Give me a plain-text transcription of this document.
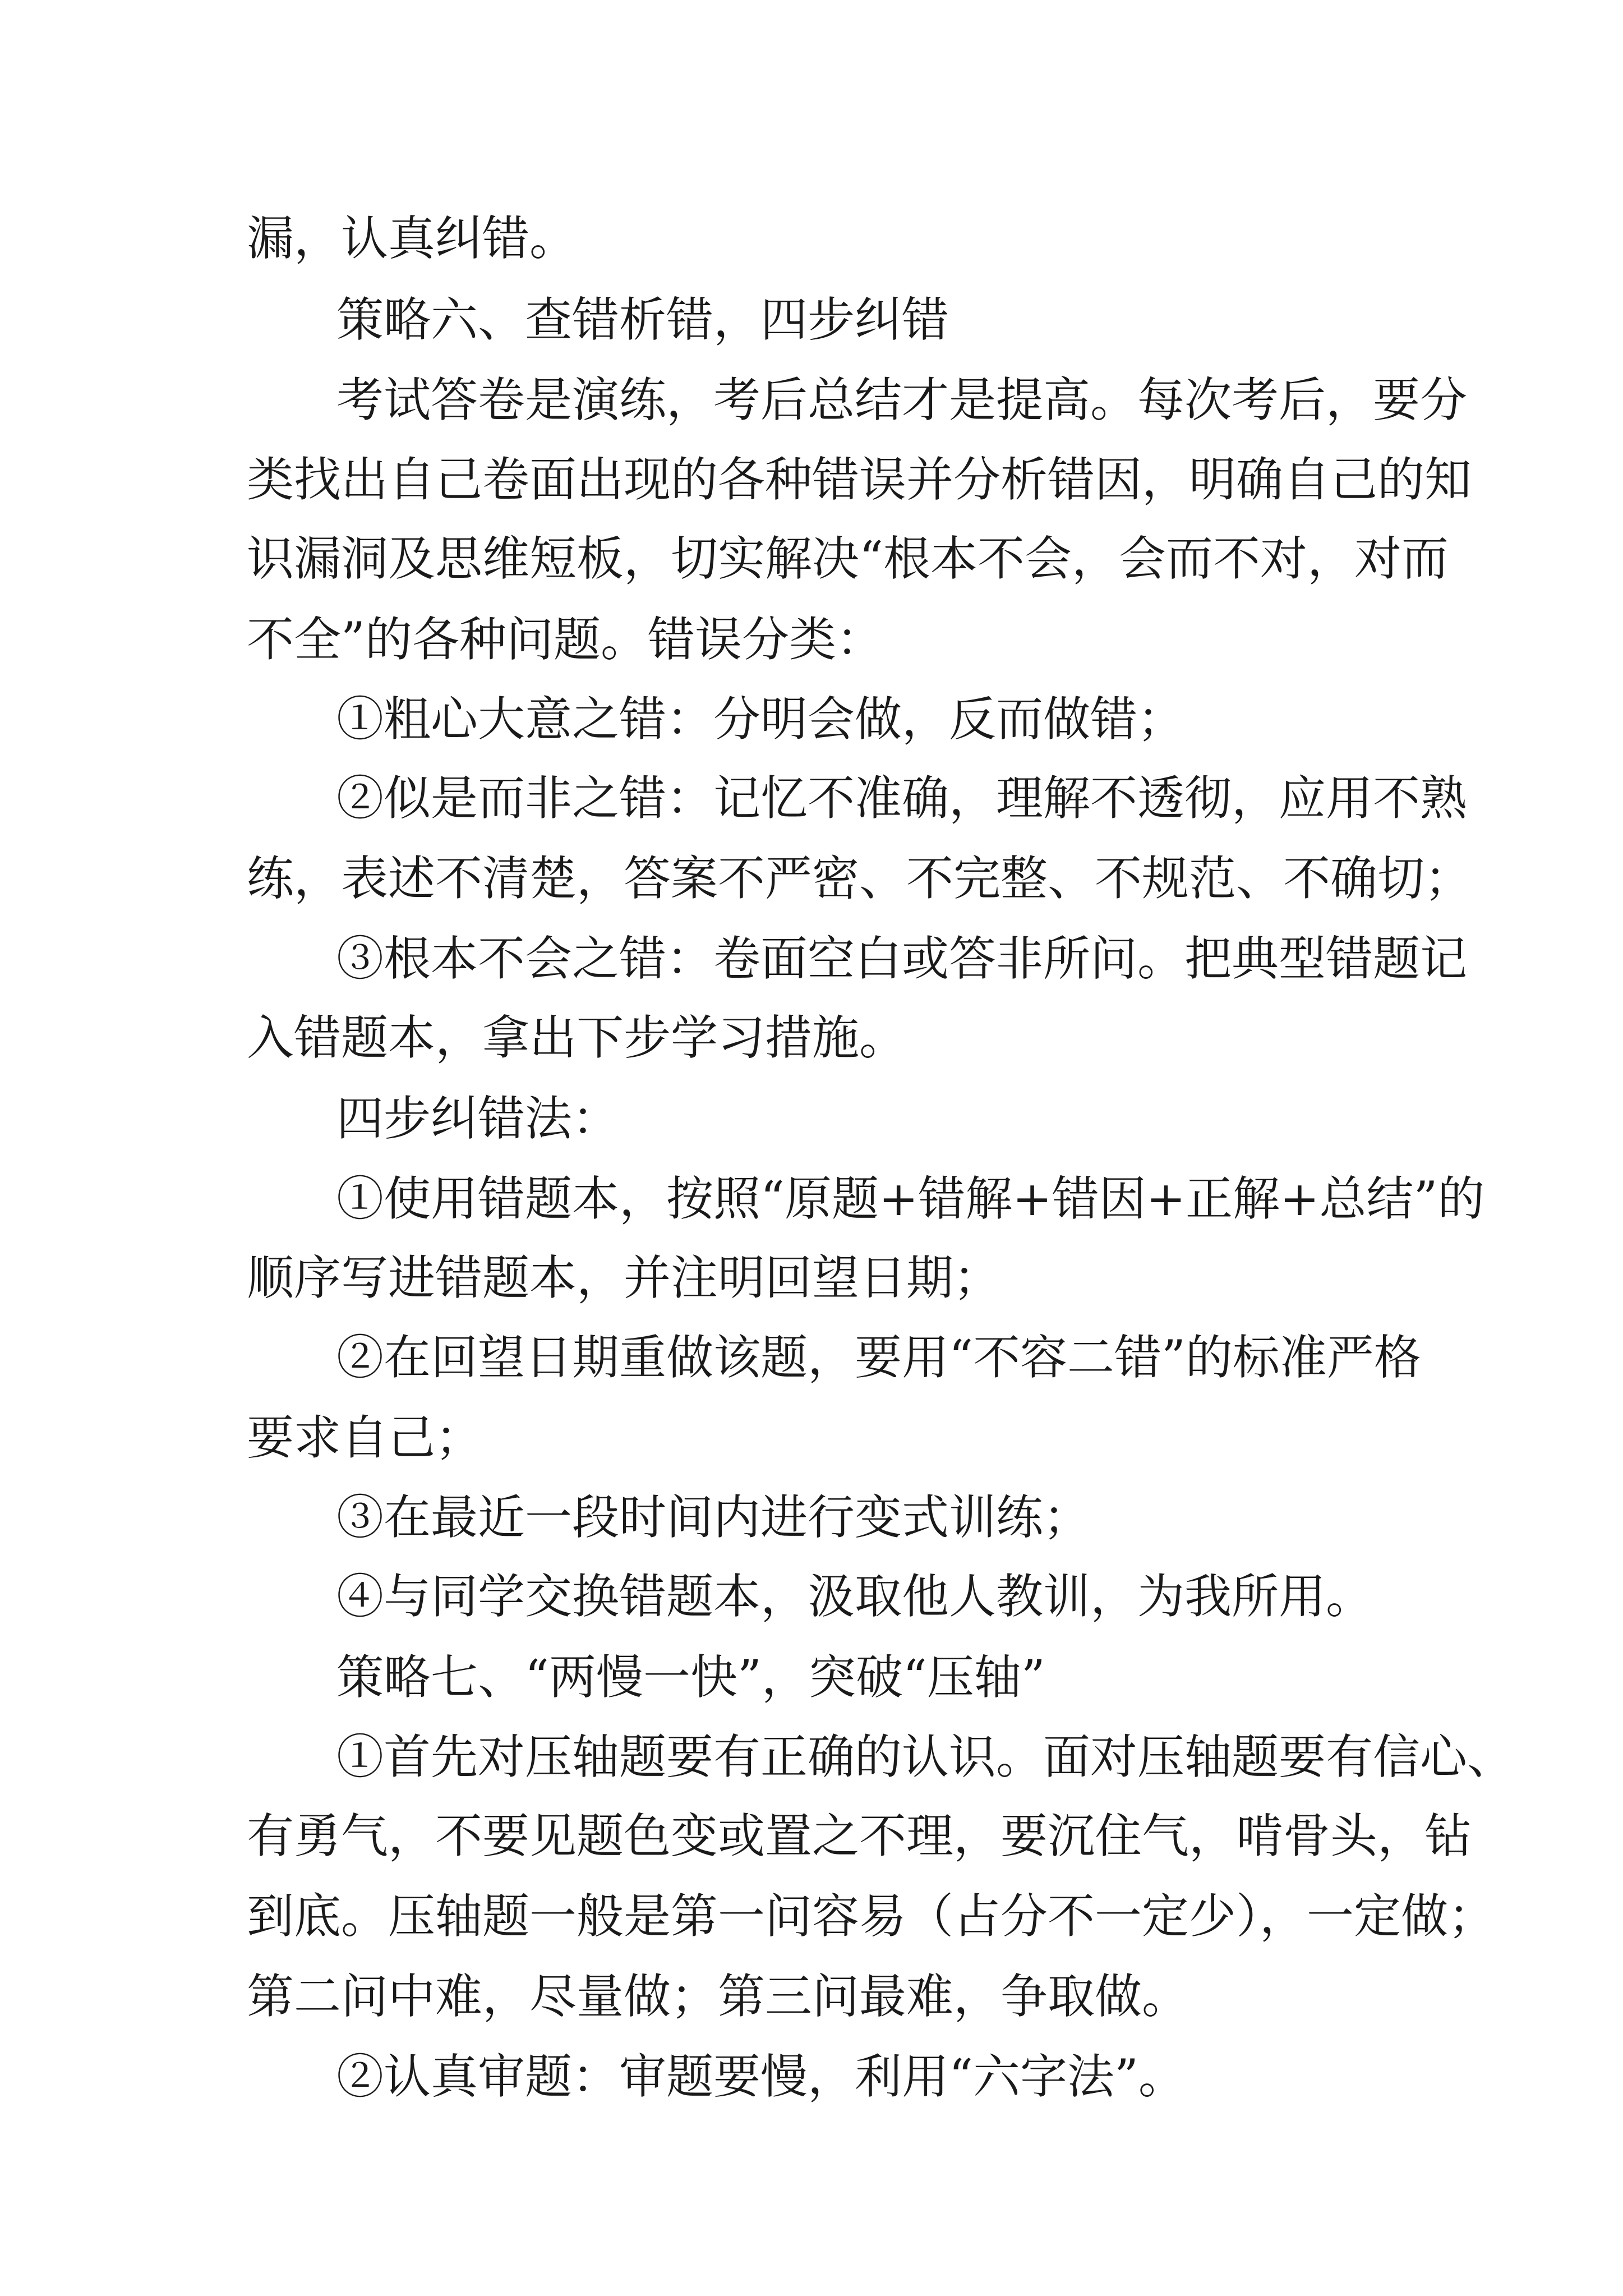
漏，认真纠错。

策略六、查错析错，四步纠错

考试答卷是演练，考后总结才是提高。每次考后，要分

类找出自己卷面出现的各种错误并分析错因，明确自己的知

识漏洞及思维短板，切实解决“根本不会，会而不对，对而

不全”的各种问题。错误分类：

①粗心大意之错：分明会做，反而做错；

②似是而非之错：记忆不准确，理解不透彻，应用不熟

练，表述不清楚，答案不严密、不完整、不规范、不确切；

③根本不会之错：卷面空白或答非所问。把典型错题记

入错题本，拿出下步学习措施。

四步纠错法：

①使用错题本，按照“原题+错解+错因+正解+总结”的

顺序写进错题本，并注明回望日期；

②在回望日期重做该题，要用“不容二错”的标准严格

要求自己；

③在最近一段时间内进行变式训练；

④与同学交换错题本，汲取他人教训，为我所用。

策略七、“两慢一快”，突破“压轴”

①首先对压轴题要有正确的认识。面对压轴题要有信心、

有勇气，不要见题色变或置之不理，要沉住气，啃骨头，钻

到底。压轴题一般是第一问容易（占分不一定少），一定做；

第二问中难，尽量做；第三问最难，争取做。

②认真审题：审题要慢，利用“六字法”。
